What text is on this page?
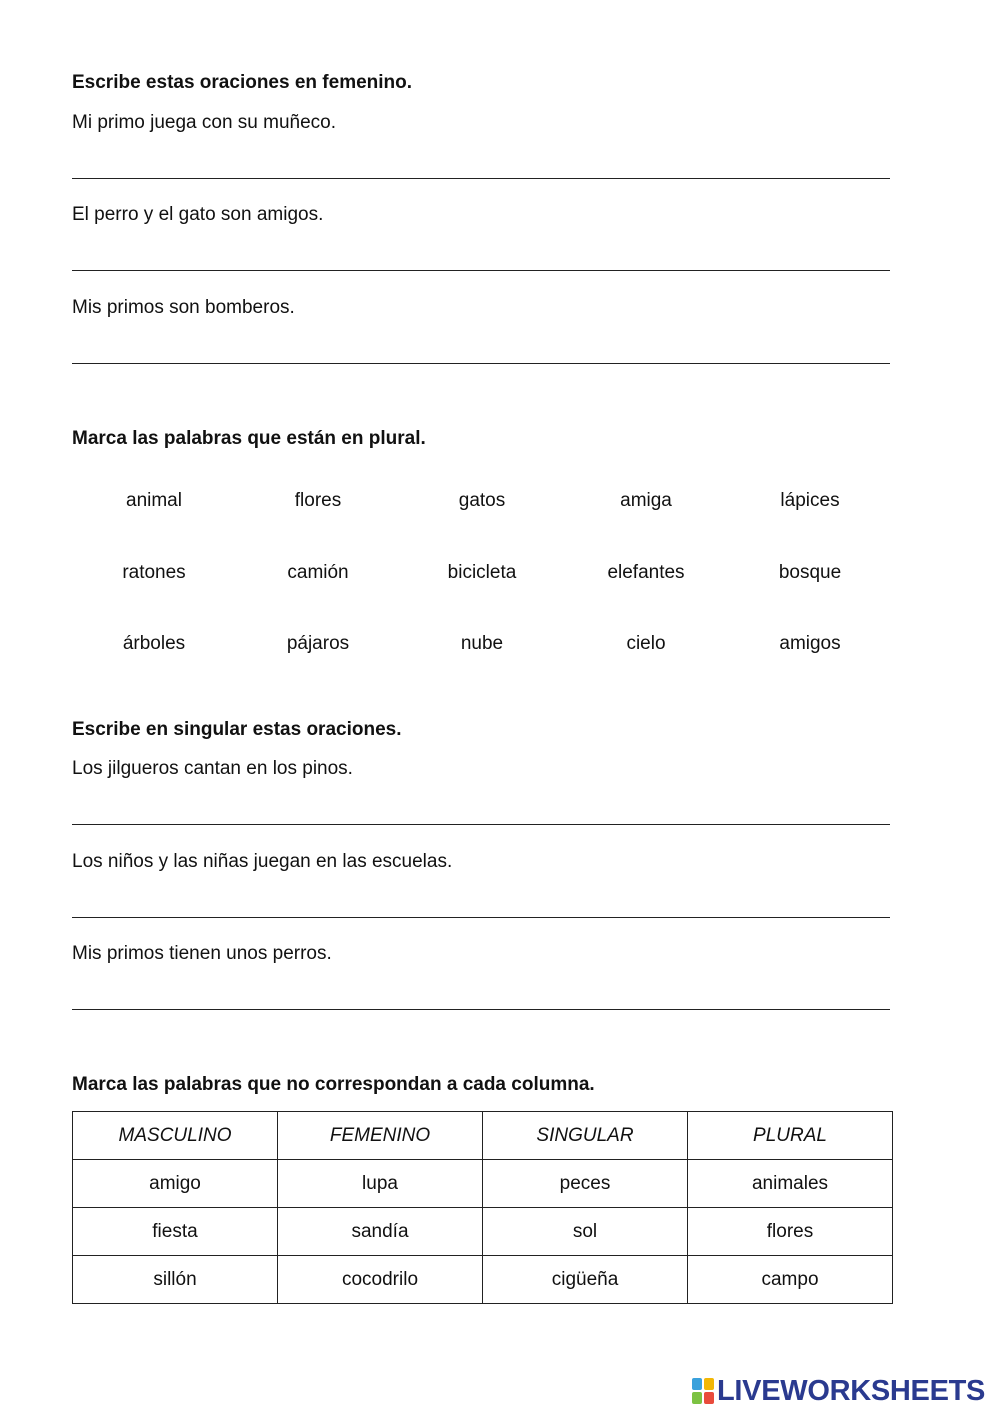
Escribe estas oraciones en femenino.
Mi primo juega con su muñeco.
El perro y el gato son amigos.
Mis primos son bomberos.
Marca las palabras que están en plural.
animal	flores	gatos	amiga	lápices
ratones	camión	bicicleta	elefantes	bosque
árboles	pájaros	nube	cielo	amigos
Escribe en singular estas oraciones.
Los jilgueros cantan en los pinos.
Los niños y las niñas juegan en las escuelas.
Mis primos tienen unos perros.
Marca las palabras que no correspondan a cada columna.
MASCULINO	FEMENINO	SINGULAR	PLURAL
amigo	lupa	peces	animales
fiesta	sandía	sol	flores
sillón	cocodrilo	cigüeña	campo
LIVEWORKSHEETS
